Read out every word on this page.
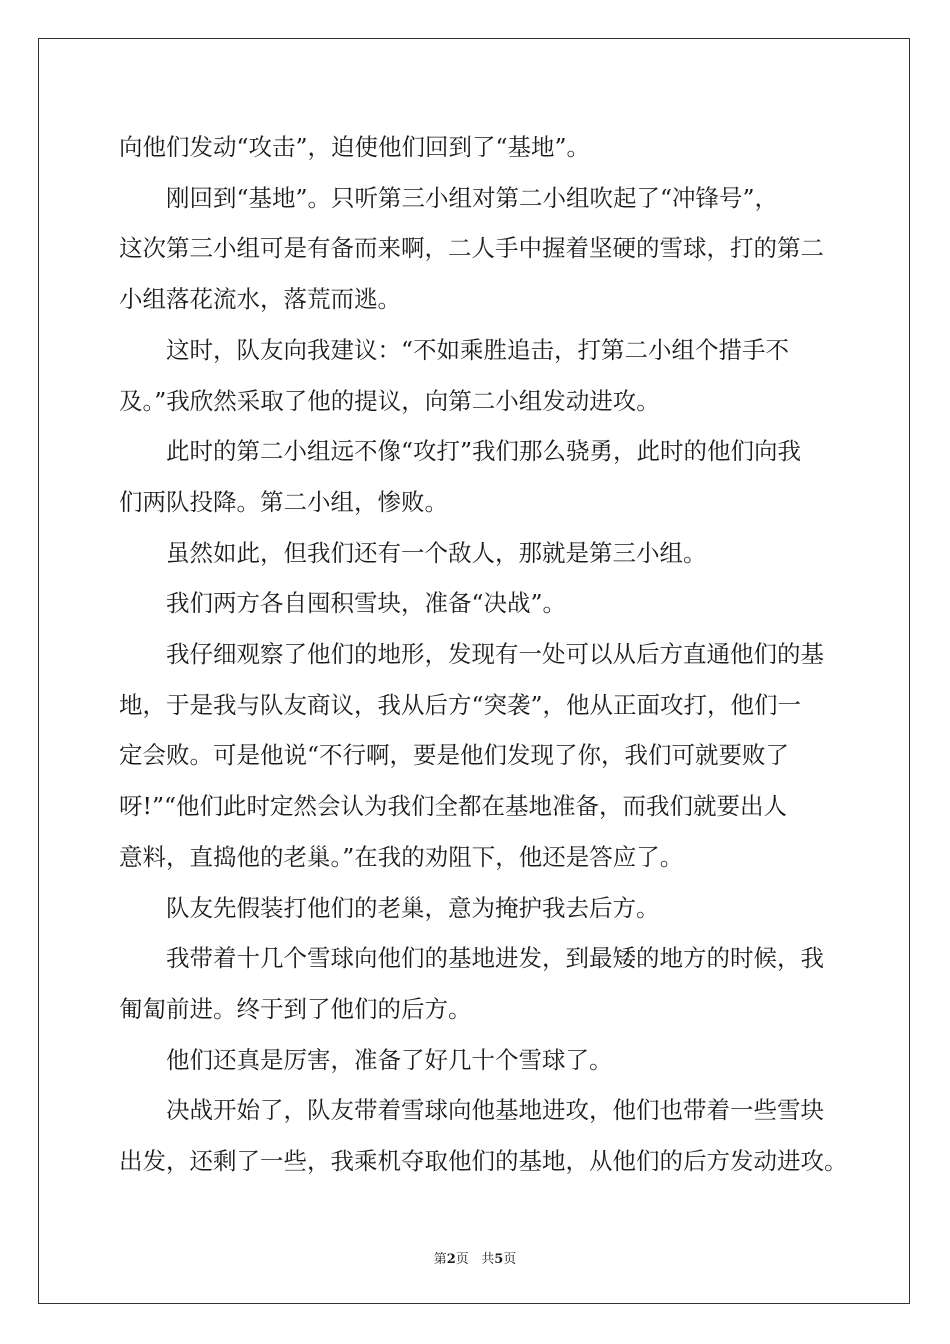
向他们发动“攻击”，迫使他们回到了“基地”。
刚回到“基地”。只听第三小组对第二小组吹起了“冲锋号”，
这次第三小组可是有备而来啊，二人手中握着坚硬的雪球，打的第二
小组落花流水，落荒而逃。
这时，队友向我建议：“不如乘胜追击，打第二小组个措手不
及。”我欣然采取了他的提议，向第二小组发动进攻。
此时的第二小组远不像“攻打”我们那么骁勇，此时的他们向我
们两队投降。第二小组，惨败。
虽然如此，但我们还有一个敌人，那就是第三小组。
我们两方各自囤积雪块，准备“决战”。
我仔细观察了他们的地形，发现有一处可以从后方直通他们的基
地，于是我与队友商议，我从后方“突袭”，他从正面攻打，他们一
定会败。可是他说“不行啊，要是他们发现了你，我们可就要败了
呀!”“他们此时定然会认为我们全都在基地准备，而我们就要出人
意料，直捣他的老巢。”在我的劝阻下，他还是答应了。
队友先假装打他们的老巢，意为掩护我去后方。
我带着十几个雪球向他们的基地进发，到最矮的地方的时候，我
匍匐前进。终于到了他们的后方。
他们还真是厉害，准备了好几十个雪球了。
决战开始了，队友带着雪球向他基地进攻，他们也带着一些雪块
出发，还剩了一些，我乘机夺取他们的基地，从他们的后方发动进攻。
第2页 共5页
